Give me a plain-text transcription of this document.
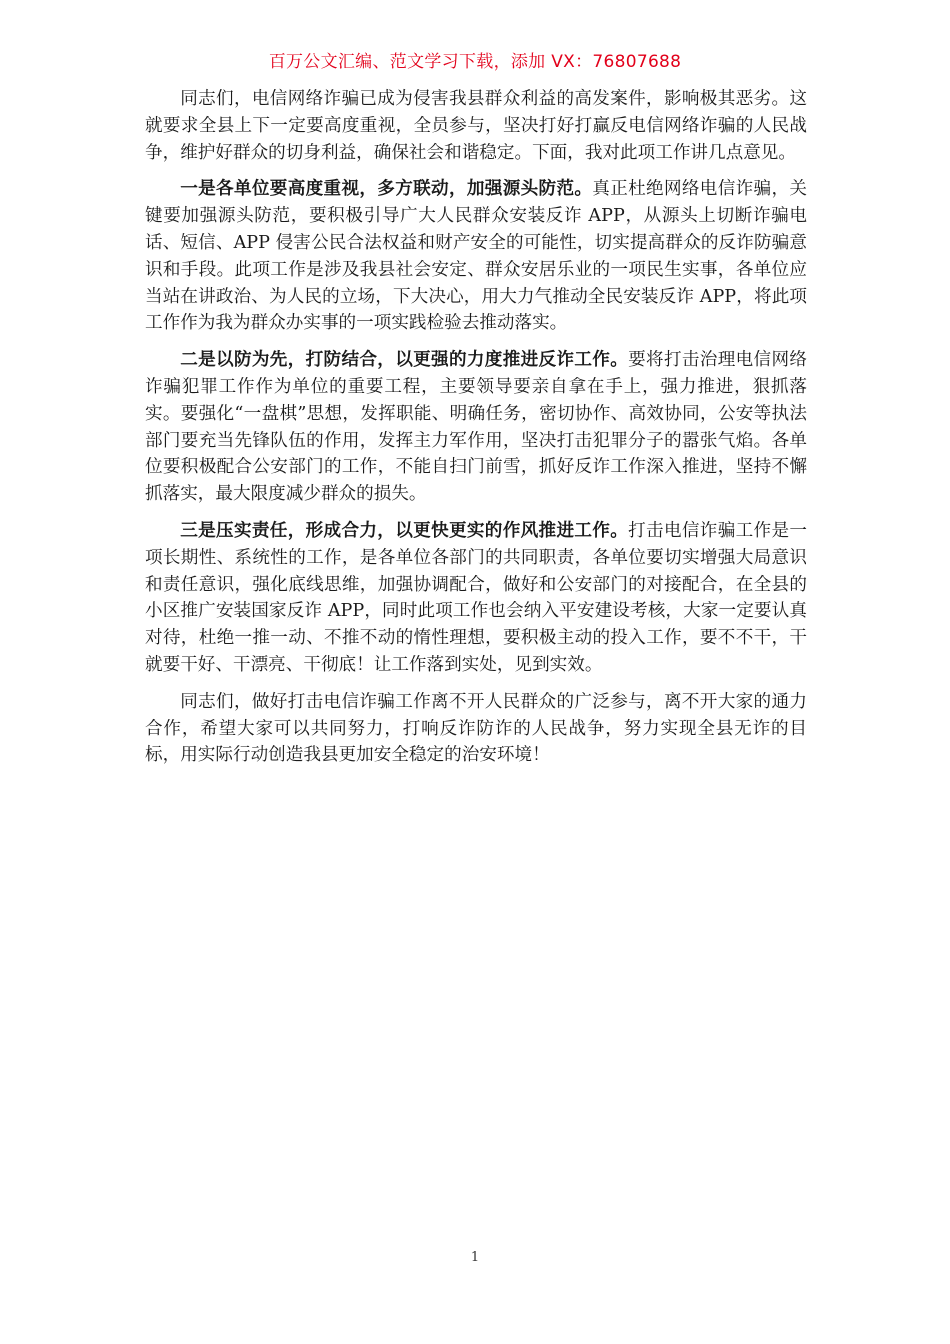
百万公文汇编、范文学习下载，添加 VX：76807688

同志们，电信网络诈骗已成为侵害我县群众利益的高发案件，影响极其恶劣。这就要求全县上下一定要高度重视，全员参与，坚决打好打赢反电信网络诈骗的人民战争，维护好群众的切身利益，确保社会和谐稳定。下面，我对此项工作讲几点意见。

一是各单位要高度重视，多方联动，加强源头防范。真正杜绝网络电信诈骗，关键要加强源头防范，要积极引导广大人民群众安装反诈 APP，从源头上切断诈骗电话、短信、APP 侵害公民合法权益和财产安全的可能性，切实提高群众的反诈防骗意识和手段。此项工作是涉及我县社会安定、群众安居乐业的一项民生实事，各单位应当站在讲政治、为人民的立场，下大决心，用大力气推动全民安装反诈 APP，将此项工作作为我为群众办实事的一项实践检验去推动落实。

二是以防为先，打防结合，以更强的力度推进反诈工作。要将打击治理电信网络诈骗犯罪工作作为单位的重要工程，主要领导要亲自拿在手上，强力推进，狠抓落实。要强化“一盘棋”思想，发挥职能、明确任务，密切协作、高效协同，公安等执法部门要充当先锋队伍的作用，发挥主力军作用，坚决打击犯罪分子的嚣张气焰。各单位要积极配合公安部门的工作，不能自扫门前雪，抓好反诈工作深入推进，坚持不懈抓落实，最大限度减少群众的损失。

三是压实责任，形成合力，以更快更实的作风推进工作。打击电信诈骗工作是一项长期性、系统性的工作，是各单位各部门的共同职责，各单位要切实增强大局意识和责任意识，强化底线思维，加强协调配合，做好和公安部门的对接配合，在全县的小区推广安装国家反诈 APP，同时此项工作也会纳入平安建设考核，大家一定要认真对待，杜绝一推一动、不推不动的惰性理想，要积极主动的投入工作，要不不干，干就要干好、干漂亮、干彻底！让工作落到实处，见到实效。

同志们，做好打击电信诈骗工作离不开人民群众的广泛参与，离不开大家的通力合作，希望大家可以共同努力，打响反诈防诈的人民战争，努力实现全县无诈的目标，用实际行动创造我县更加安全稳定的治安环境！

1
